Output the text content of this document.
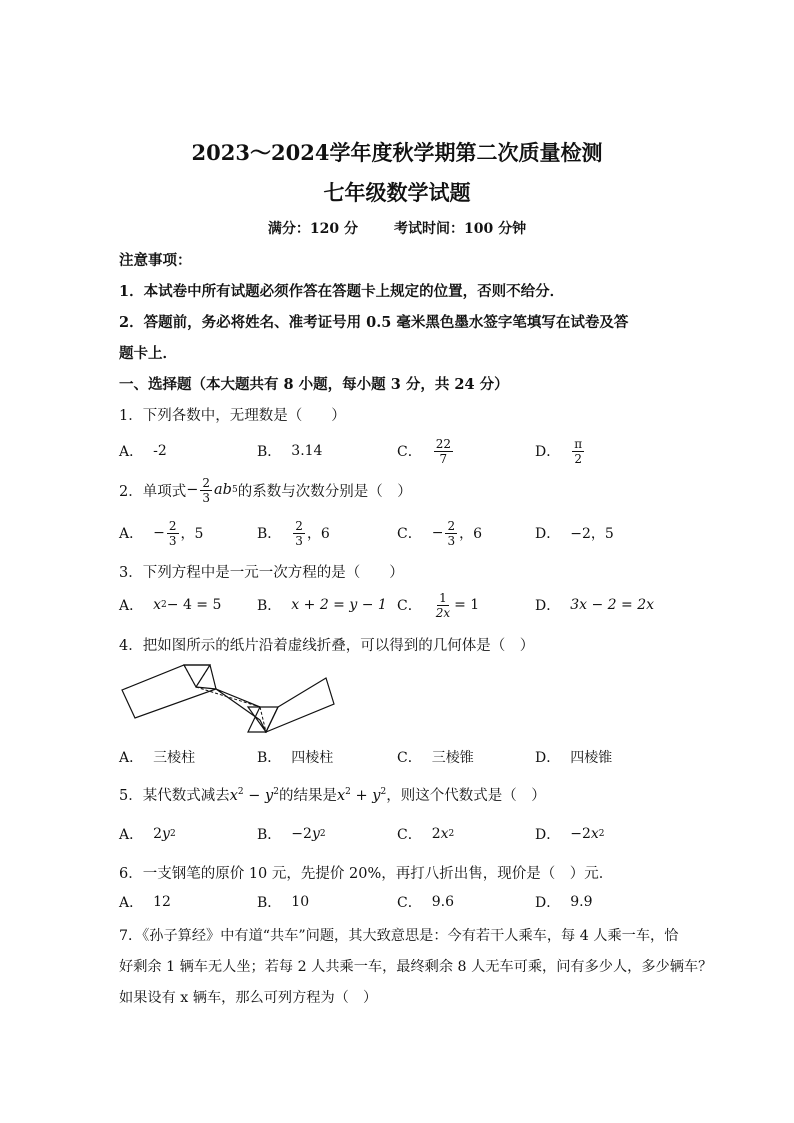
2023～2024学年度秋学期第二次质量检测
七年级数学试题
满分：120 分	考试时间：100 分钟
注意事项：
1．本试卷中所有试题必须作答在答题卡上规定的位置，否则不给分．
2．答题前，务必将姓名、准考证号用 0.5 毫米黑色墨水签字笔填写在试卷及答
题卡上．
一、选择题（本大题共有 8 小题，每小题 3 分，共 24 分）
1．下列各数中，无理数是（　　）
A． -2	B． 3.14	C． $\frac{22}{7}$	D． $\frac{\pi}{2}$
2．单项式 − $\frac{2}{3}$ ab 5 的系数与次数分别是（　）
A． − $\frac{2}{3}$ ，5	B． $\frac{2}{3}$ ，6	C． − $\frac{2}{3}$ ，6	D． −2，5
3．下列方程中是一元一次方程的是（　　）
A． x 2 − 4 = 5	B． x + 2 = y − 1 C． $\frac{1}{2x} = 1$	D． 3x − 2 = 2x
4．把如图所示的纸片沿着虚线折叠，可以得到的几何体是（　）
A． 三棱柱	B． 四棱柱	C． 三棱锥	D． 四棱锥
5．某代数式减去$x^2 - y^2$的结果是$x^2 + y^2$，则这个代数式是（　）
A． 2 y 2	B． −2 y 2	C． 2 x 2	D． −2 x 2
6．一支钢笔的原价 10 元，先提价 20%，再打八折出售，现价是（　）元．
A． 12	B． 10	C． 9.6	D． 9.9
7．《孙子算经》中有道“共车”问题，其大致意思是：今有若干人乘车，每 4 人乘一车，恰
好剩余 1 辆车无人坐；若每 2 人共乘一车，最终剩余 8 人无车可乘，问有多少人，多少辆车？
如果设有 x 辆车，那么可列方程为（　）
